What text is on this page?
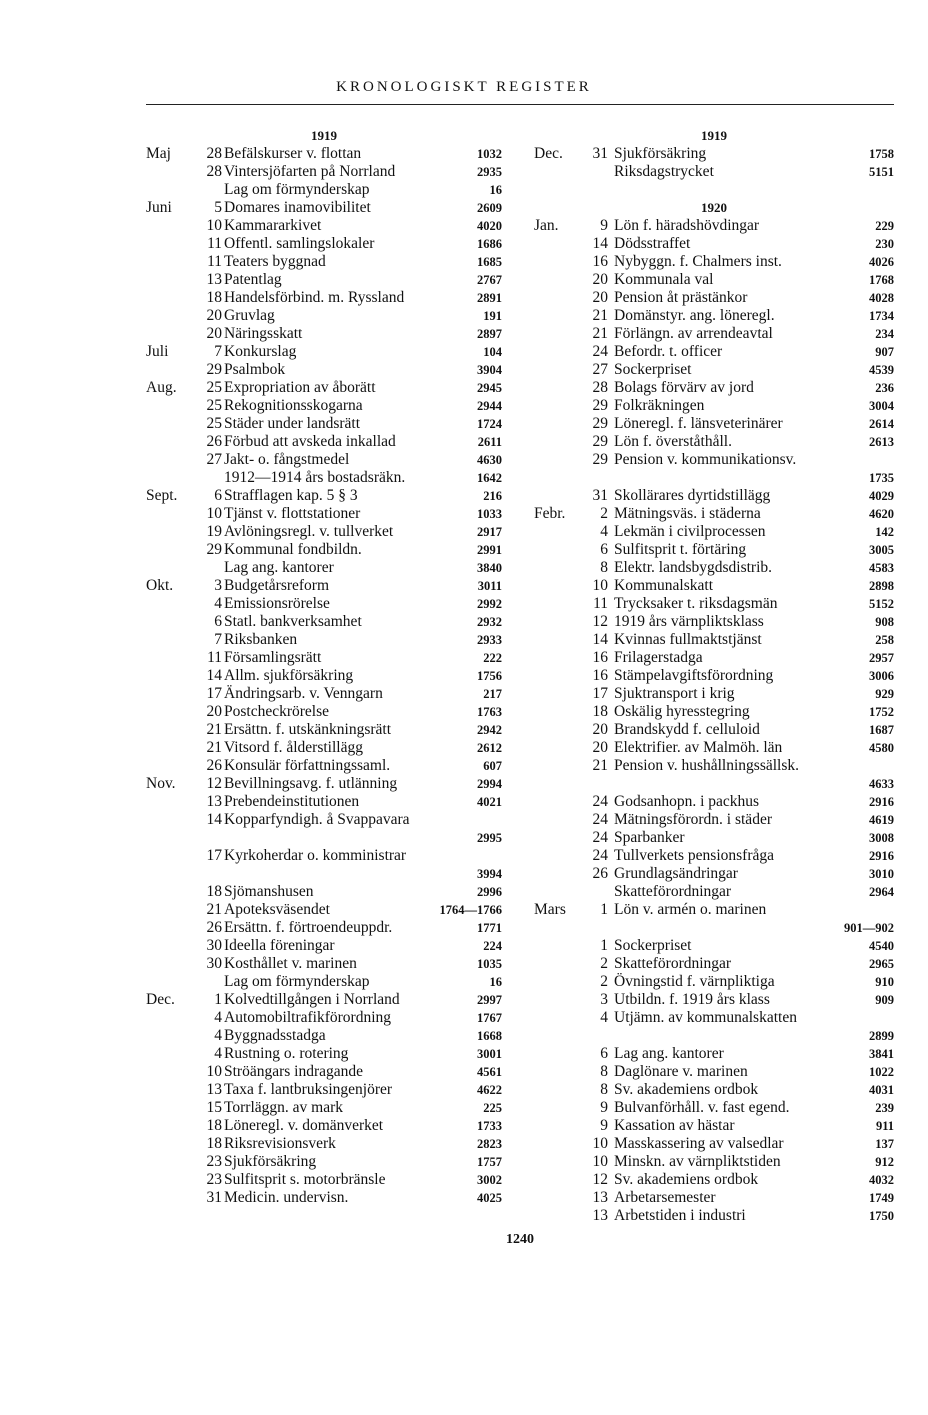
KRONOLOGISKT REGISTER
1919
Maj	28 Befälskurser v. flottan	1032
28 Vintersjöfarten på Norrland	2935
Lag om förmynderskap	16
Juni	5 Domares inamovibilitet	2609
10 Kammararkivet	4020
11 Offentl. samlingslokaler	1686
11 Teaters byggnad	1685
13 Patentlag	2767
18 Handelsförbind. m. Ryssland	2891
20 Gruvlag	191
20 Näringsskatt	2897
Juli	7 Konkurslag	104
29 Psalmbok	3904
Aug.	25 Expropriation av åborätt	2945
25 Rekognitionsskogarna	2944
25 Städer under landsrätt	1724
26 Förbud att avskeda inkallad	2611
27 Jakt- o. fångstmedel	4630
1912—1914 års bostadsräkn.	1642
Sept.	6 Strafflagen kap. 5 § 3	216
10 Tjänst v. flottstationer	1033
19 Avlöningsregl. v. tullverket	2917
29 Kommunal fondbildn.	2991
Lag ang. kantorer	3840
Okt.	3 Budgetårsreform	3011
4 Emissionsrörelse	2992
6 Statl. bankverksamhet	2932
7 Riksbanken	2933
11 Församlingsrätt	222
14 Allm. sjukförsäkring	1756
17 Ändringsarb. v. Venngarn	217
20 Postcheckrörelse	1763
21 Ersättn. f. utskänkningsrätt	2942
21 Vitsord f. ålderstillägg	2612
26 Konsulär författningssaml.	607
Nov.	12 Bevillningsavg. f. utlänning	2994
13 Prebendeinstitutionen	4021
14 Kopparfyndigh. å Svappavara
2995
17 Kyrkoherdar o. komministrar
3994
18 Sjömanshusen	2996
21 Apoteksväsendet	1764—1766
26 Ersättn. f. förtroendeuppdr.	1771
30 Ideella föreningar	224
30 Kosthållet v. marinen	1035
Lag om förmynderskap	16
Dec.	1 Kolvedtillgången i Norrland	2997
4 Automobiltrafikförordning	1767
4 Byggnadsstadga	1668
4 Rustning o. rotering	3001
10 Ströängars indragande	4561
13 Taxa f. lantbruksingenjörer	4622
15 Torrläggn. av mark	225
18 Löneregl. v. domänverket	1733
18 Riksrevisionsverk	2823
23 Sjukförsäkring	1757
23 Sulfitsprit s. motorbränsle	3002
31 Medicin. undervisn.	4025
1919
Dec.	31 Sjukförsäkring	1758
Riksdagstrycket	5151
1920
Jan.	9 Lön f. häradshövdingar	229
14 Dödsstraffet	230
16 Nybyggn. f. Chalmers inst.	4026
20 Kommunala val	1768
20 Pension åt prästänkor	4028
21 Domänstyr. ang. löneregl.	1734
21 Förlängn. av arrendeavtal	234
24 Befordr. t. officer	907
27 Sockerpriset	4539
28 Bolags förvärv av jord	236
29 Folkräkningen	3004
29 Löneregl. f. länsveterinärer	2614
29 Lön f. överståthåll.	2613
29 Pension v. kommunikationsv.
1735
31 Skollärares dyrtidstillägg	4029
Febr.	2 Mätningsväs. i städerna	4620
4 Lekmän i civilprocessen	142
6 Sulfitsprit t. förtäring	3005
8 Elektr. landsbygdsdistrib.	4583
10 Kommunalskatt	2898
11 Trycksaker t. riksdagsmän	5152
12 1919 års värnpliktsklass	908
14 Kvinnas fullmaktstjänst	258
16 Frilagerstadga	2957
16 Stämpelavgiftsförordning	3006
17 Sjuktransport i krig	929
18 Oskälig hyresstegring	1752
20 Brandskydd f. celluloid	1687
20 Elektrifier. av Malmöh. län	4580
21 Pension v. hushållningssällsk.
4633
24 Godsanhopn. i packhus	2916
24 Mätningsförordn. i städer	4619
24 Sparbanker	3008
24 Tullverkets pensionsfråga	2916
26 Grundlagsändringar	3010
Skatteförordningar	2964
Mars	1 Lön v. armén o. marinen
901—902
1 Sockerpriset	4540
2 Skatteförordningar	2965
2 Övningstid f. värnpliktiga	910
3 Utbildn. f. 1919 års klass	909
4 Utjämn. av kommunalskatten
2899
6 Lag ang. kantorer	3841
8 Daglönare v. marinen	1022
8 Sv. akademiens ordbok	4031
9 Bulvanförhåll. v. fast egend.	239
9 Kassation av hästar	911
10 Masskassering av valsedlar	137
10 Minskn. av värnpliktstiden	912
12 Sv. akademiens ordbok	4032
13 Arbetarsemester	1749
13 Arbetstiden i industri	1750
1240
